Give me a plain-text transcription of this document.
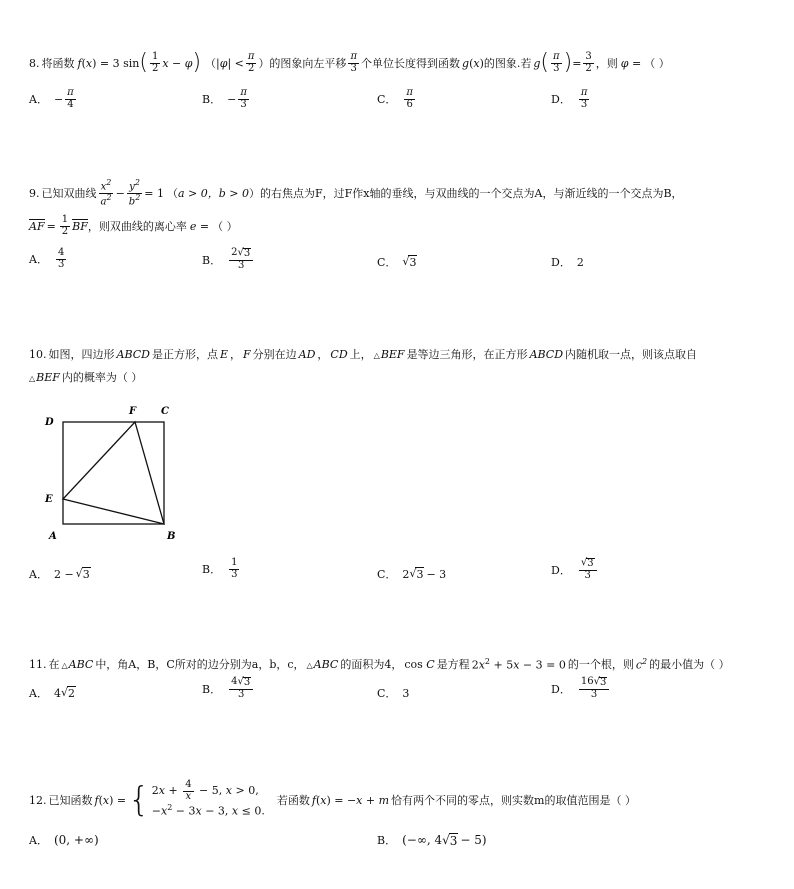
8. 将函数 f(x) = 3 sin ( $\frac{1}{2}$ x − φ ) （ $|\varphi| < \frac{\pi}{2}$ ）的图象向左平移 $\frac{\pi}{3}$ 个单位长度得到函数 g(x) 的图象.若 g ( $\frac{\pi}{3}$ ) = $\frac{3}{2}$ ，则 φ = （ ）
A． − $\frac{\pi}{4}$	B． − $\frac{\pi}{3}$	C． $\frac{\pi}{6}$	D． $\frac{\pi}{3}$
9. 已知双曲线 $\frac{x^2}{a^2} - \frac{y^2}{b^2} = 1$ （ a > 0，b > 0 ）的右焦点为F，过F作x轴的垂线，与双曲线的一个交点为A，与渐近线的一个交点为B，
AF = $\frac{1}{2}$ BF ，则双曲线的离心率 e = （ ）
A． $\frac{4}{3}$	B． $\frac{2√ 3}{3}$	C． √ 3	D． 2
10. 如图，四边形 ABCD 是正方形，点 E ， F 分别在边 AD ， CD 上， △BEF 是等边三角形，在正方形 ABCD 内随机取一点，则该点取自
△BEF 内的概率为（ ）
D
F C
E
A	B
A． 2 − √ 3	B． $\frac{1}{3}$	C． 2 √ 3 − 3	D． $\frac{√ 3}{3}$
11. 在 △ABC 中，角A，B，C所对的边分别为a，b，c， △ABC 的面积为4， cos C 是方程 $2x^2 + 5x - 3 = 0$ 的一个根，则 $c^2$ 的最小值为（ ）
A． 4 √ 2	B． $\frac{4√ 3}{3}$	C． 3	D． $\frac{16√ 3}{3}$
12. 已知函数 f(x) = { $2x + \frac{4}{x} - 5$, x > 0,
$-x^2 - 3x - 3$, x ≤ 0.
若函数 f(x) = −x + m 恰有两个不同的零点，则实数m的取值范围是（ ）
A． (0, +∞)	B． (−∞, 4 √ 3 − 5)
